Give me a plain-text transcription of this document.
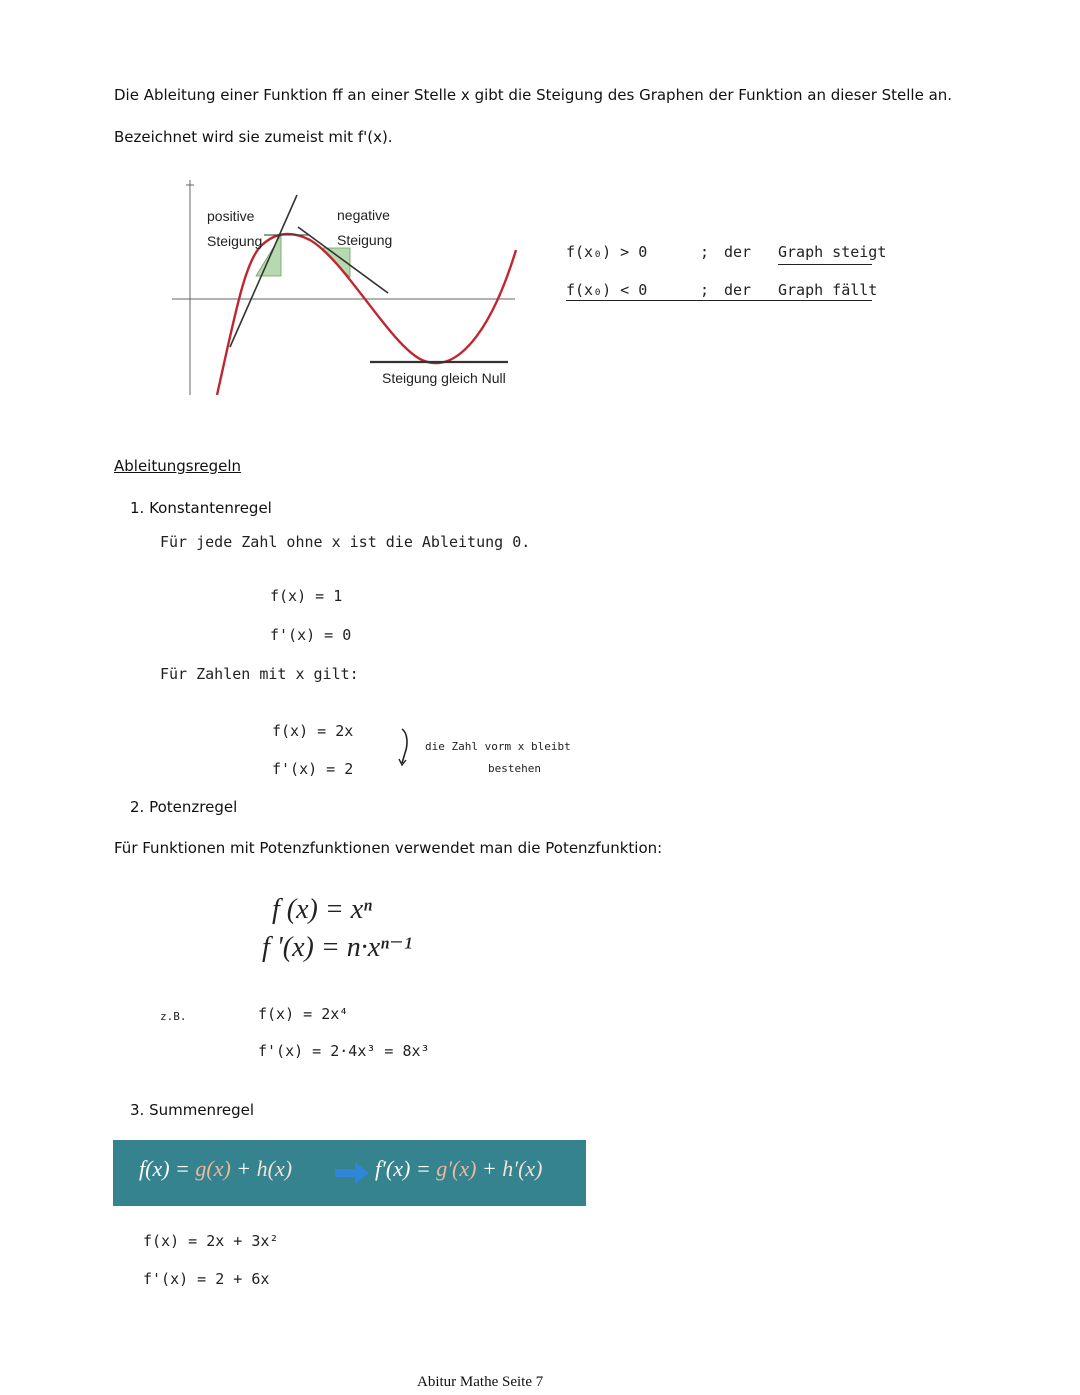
Die Ableitung einer Funktion ff an einer Stelle x gibt die Steigung des Graphen der Funktion an dieser Stelle an.
Bezeichnet wird sie zumeist mit f'(x).
positive
Steigung
negative
Steigung
Steigung gleich Null
f(x₀) > 0	; der Graph steigt
f(x₀) < 0	; der Graph fällt
Ableitungsregeln
1. Konstantenregel
Für jede Zahl ohne x ist die Ableitung 0.
f(x) = 1
f'(x) = 0
Für Zahlen mit x gilt:
f(x) = 2x
f'(x) = 2
die Zahl vorm x bleibt
bestehen
2. Potenzregel
Für Funktionen mit Potenzfunktionen verwendet man die Potenzfunktion:
f (x) = xⁿ
f '(x) = n·xⁿ⁻¹
z.B.	f(x) = 2x⁴
f'(x) = 2·4x³ = 8x³
3. Summenregel
f(x) = g(x) + h(x)	f′(x) = g′(x) + h′(x)
f(x) = 2x + 3x²
f'(x) = 2 + 6x
Abitur Mathe Seite 7
